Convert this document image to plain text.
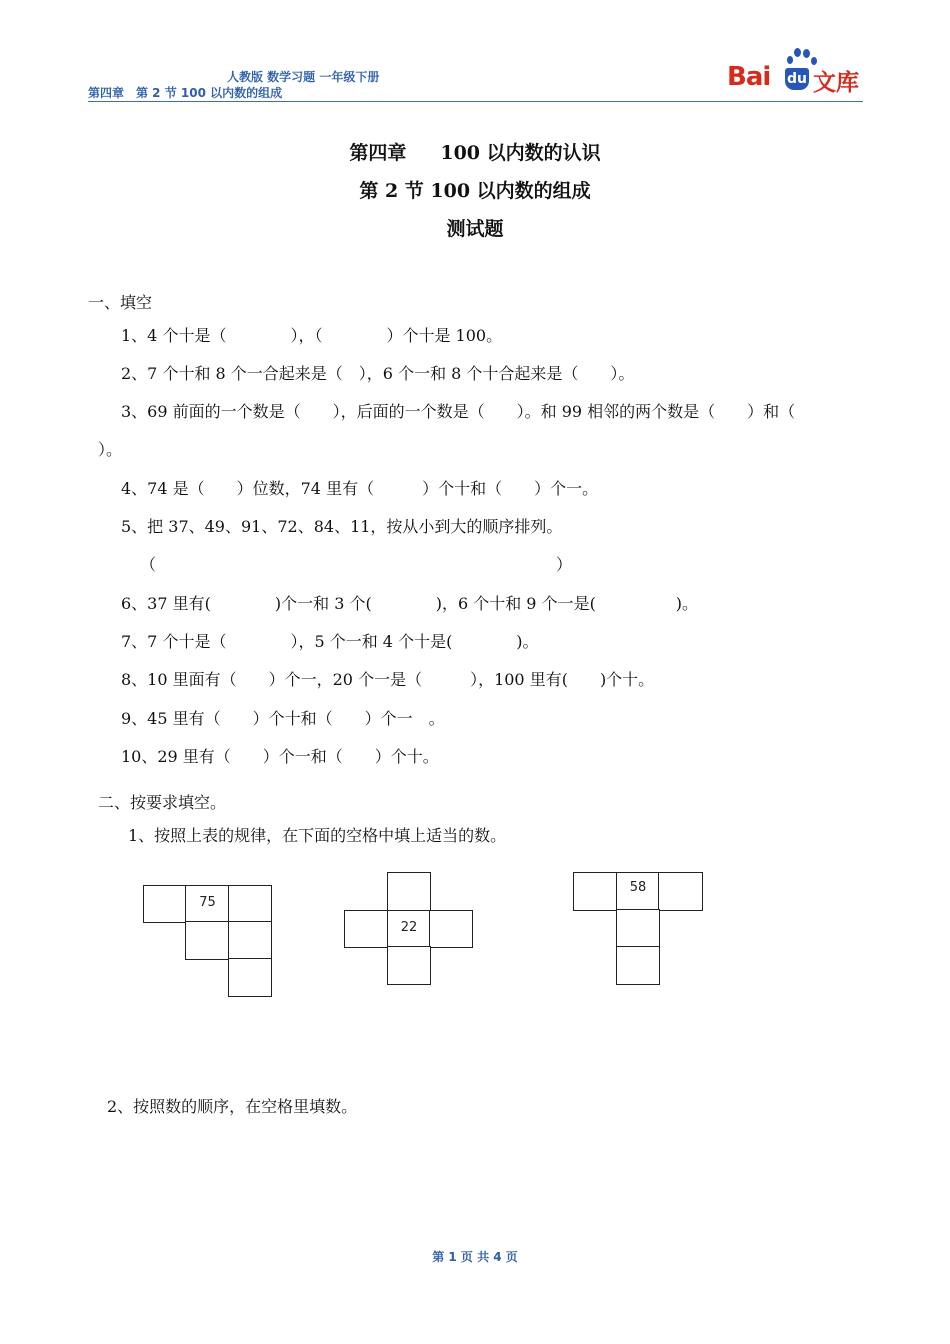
人教版 数学习题 一年级下册
第四章　第 2 节 100 以内数的组成
Bai du 文库
第四章 100 以内数的认识
第 2 节 100 以内数的组成
测试题
一、填空
1、4 个十是（　　　　），（　　　　）个十是 100。
2、7 个十和 8 个一合起来是（　），6 个一和 8 个十合起来是（　　）。
3、69 前面的一个数是（　　），后面的一个数是（　　）。和 99 相邻的两个数是（　　）和（
）。
4、74 是（　　）位数，74 里有（　　　）个十和（　　）个一。
5、把 37、49、91、72、84、11，按从小到大的顺序排列。
（　　　　　　　　　　　　　　　　　　　　　　　　　）
6、37 里有(　　　　)个一和 3 个(　　　　)，6 个十和 9 个一是(　　　　　)。
7、7 个十是（　　　　），5 个一和 4 个十是(　　　　)。
8、10 里面有（　　）个一，20 个一是（　　　），100 里有(　　)个十。
9、45 里有（　　）个十和（　　）个一　。
10、29 里有（　　）个一和（　　）个十。
二、按要求填空。
1、按照上表的规律，在下面的空格中填上适当的数。
75
22
58
2、按照数的顺序，在空格里填数。
第 1 页 共 4 页
